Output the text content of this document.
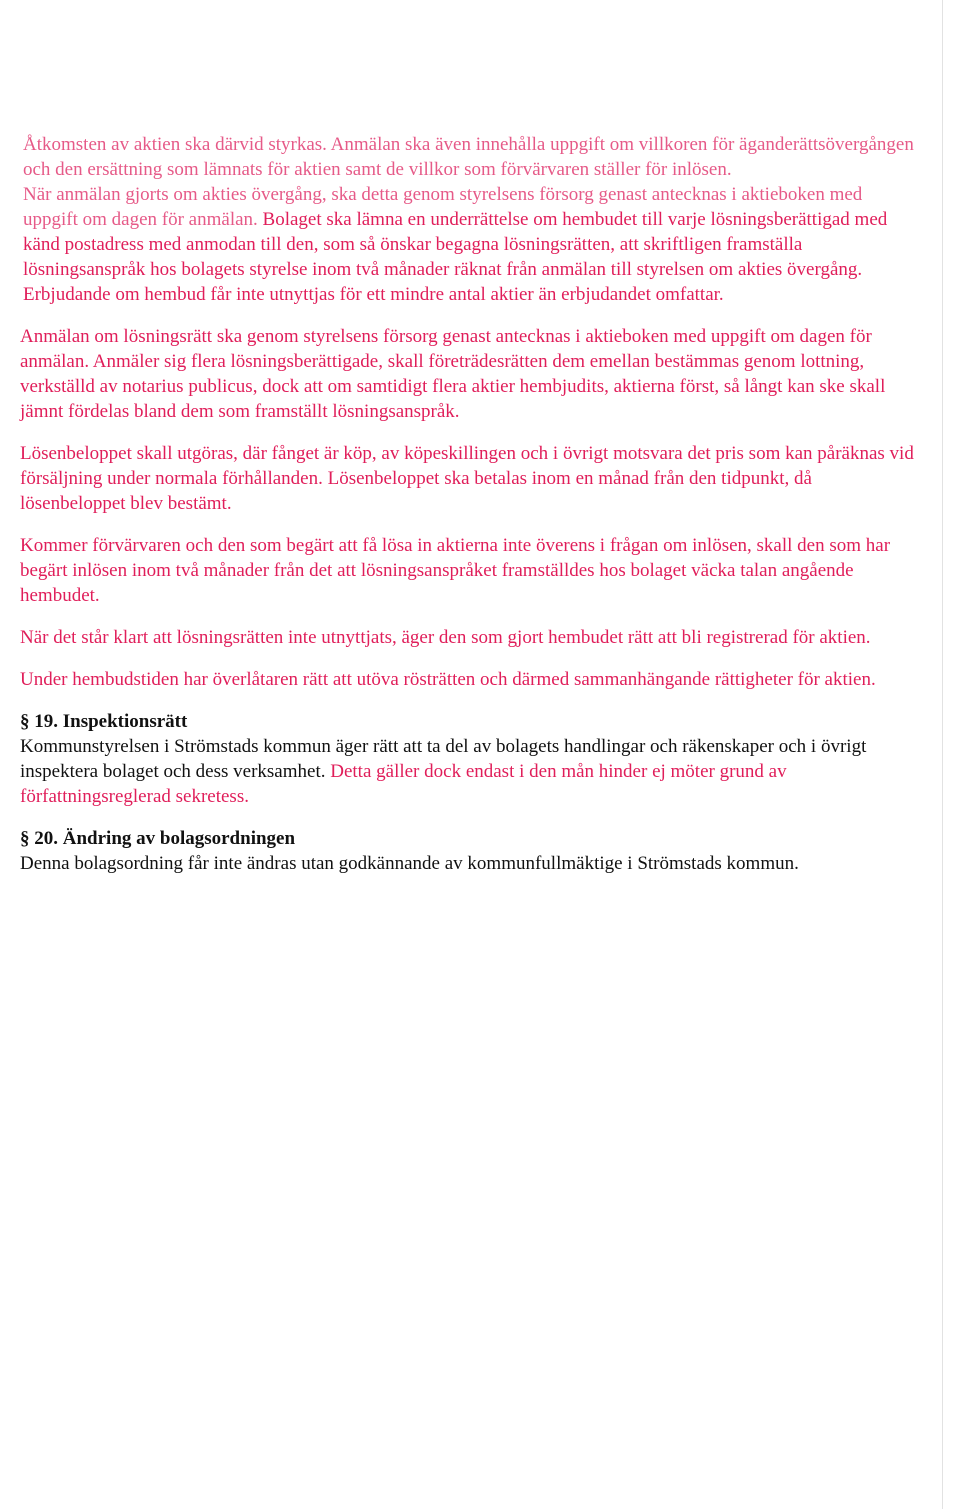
Åtkomsten av aktien ska därvid styrkas. Anmälan ska även innehålla uppgift om villkoren för äganderättsövergången och den ersättning som lämnats för aktien samt de villkor som förvärvaren ställer för inlösen.

När anmälan gjorts om akties övergång, ska detta genom styrelsens försorg genast antecknas i aktieboken med uppgift om dagen för anmälan. Bolaget ska lämna en underrättelse om hembudet till varje lösningsberättigad med känd postadress med anmodan till den, som så önskar begagna lösningsrätten, att skriftligen framställa lösningsanspråk hos bolagets styrelse inom två månader räknat från anmälan till styrelsen om akties övergång. Erbjudande om hembud får inte utnyttjas för ett mindre antal aktier än erbjudandet omfattar.

Anmälan om lösningsrätt ska genom styrelsens försorg genast antecknas i aktieboken med uppgift om dagen för anmälan. Anmäler sig flera lösningsberättigade, skall företrädesrätten dem emellan bestämmas genom lottning, verkställd av notarius publicus, dock att om samtidigt flera aktier hembjudits, aktierna först, så långt kan ske skall jämnt fördelas bland dem som framställt lösningsanspråk.

Lösenbeloppet skall utgöras, där fånget är köp, av köpeskillingen och i övrigt motsvara det pris som kan påräknas vid försäljning under normala förhållanden. Lösenbeloppet ska betalas inom en månad från den tidpunkt, då lösenbeloppet blev bestämt.

Kommer förvärvaren och den som begärt att få lösa in aktierna inte överens i frågan om inlösen, skall den som har begärt inlösen inom två månader från det att lösningsanspråket framställdes hos bolaget väcka talan angående hembudet.

När det står klart att lösningsrätten inte utnyttjats, äger den som gjort hembudet rätt att bli registrerad för aktien.

Under hembudstiden har överlåtaren rätt att utöva rösträtten och därmed sammanhängande rättigheter för aktien.

§ 19. Inspektionsrätt

Kommunstyrelsen i Strömstads kommun äger rätt att ta del av bolagets handlingar och räkenskaper och i övrigt inspektera bolaget och dess verksamhet. Detta gäller dock endast i den mån hinder ej möter grund av författningsreglerad sekretess.

§ 20. Ändring av bolagsordningen

Denna bolagsordning får inte ändras utan godkännande av kommunfullmäktige i Strömstads kommun.
